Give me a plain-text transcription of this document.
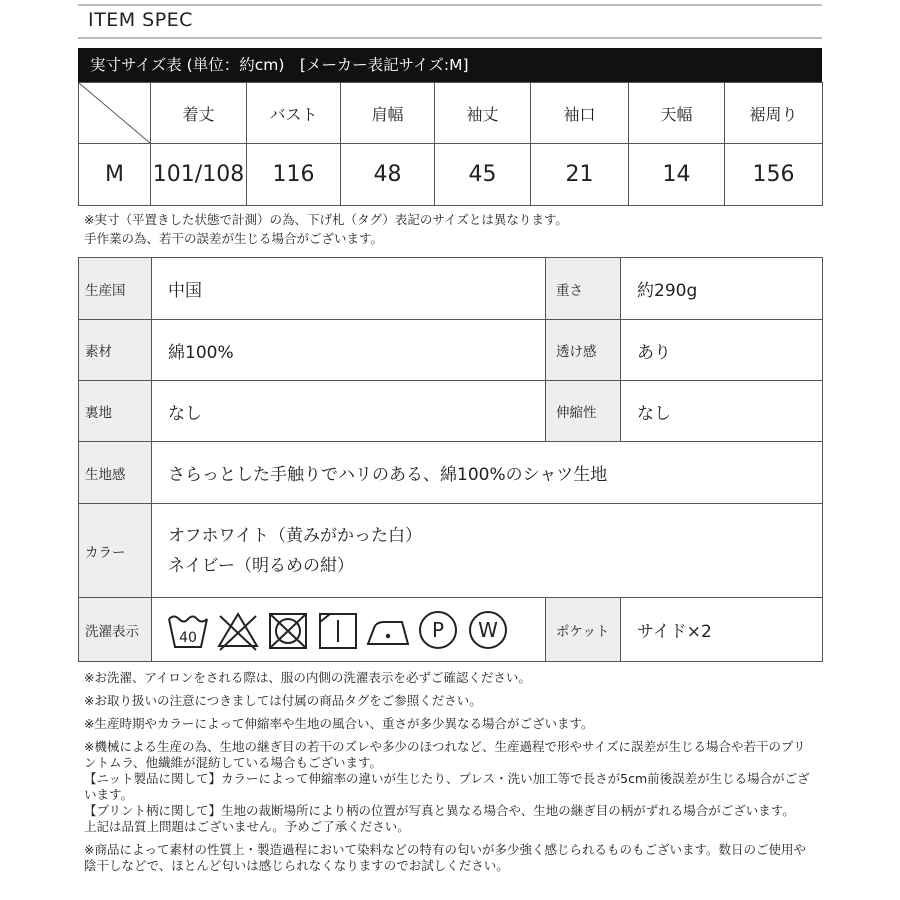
ITEM SPEC
実寸サイズ表 (単位：約cm)　[メーカー表記サイズ:M]
	着丈	バスト	肩幅	袖丈	袖口	天幅	裾周り
M	101/108	116	48	45	21	14	156
※実寸（平置きした状態で計測）の為、下げ札（タグ）表記のサイズとは異なります。
手作業の為、若干の誤差が生じる場合がございます。
生産国	中国	重さ	約290g
素材	綿100%	透け感	あり
裏地	なし	伸縮性	なし
生地感	さらっとした手触りでハリのある、綿100%のシャツ生地		
カラー	オフホワイト（黄みがかった白）
ネイビー（明るめの紺）		

洗濯表示	40 P W	ポケット	サイド×2

※お洗濯、アイロンをされる際は、服の内側の洗濯表示を必ずご確認ください。

※お取り扱いの注意につきましては付属の商品タグをご参照ください。

※生産時期やカラーによって伸縮率や生地の風合い、重さが多少異なる場合がございます。

※機械による生産の為、生地の継ぎ目の若干のズレや多少のほつれなど、生産過程で形やサイズに誤差が生じる場合や若干のプリントムラ、他繊維が混紡している場合もございます。

【ニット製品に関して】カラーによって伸縮率の違いが生じたり、プレス・洗い加工等で長さが5cm前後誤差が生じる場合がございます。

【プリント柄に関して】生地の裁断場所により柄の位置が写真と異なる場合や、生地の継ぎ目の柄がずれる場合がございます。

上記は品質上問題はございません。予めご了承ください。

※商品によって素材の性質上・製造過程において染料などの特有の匂いが多少強く感じられるものもございます。数日のご使用や陰干しなどで、ほとんど匂いは感じられなくなりますのでお試しください。
